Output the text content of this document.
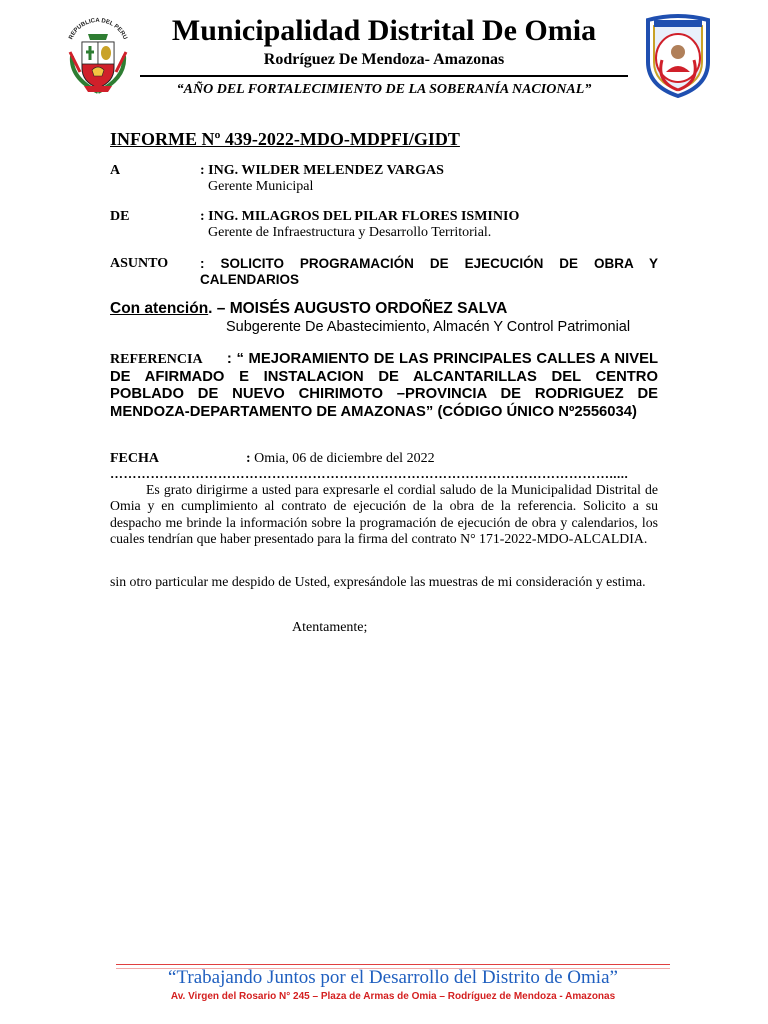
REPUBLICA DEL PERU	Municipalidad Distrital De Omia
Rodríguez De Mendoza- Amazonas
“AÑO DEL FORTALECIMIENTO DE LA SOBERANÍA NACIONAL”
INFORME Nº 439-2022-MDO-MDPFI/GIDT
A	: ING. WILDER MELENDEZ VARGAS
Gerente Municipal
DE	: ING. MILAGROS DEL PILAR FLORES ISMINIO
Gerente de Infraestructura y Desarrollo Territorial.
ASUNTO : SOLICITO PROGRAMACIÓN DE EJECUCIÓN DE OBRA Y CALENDARIOS
Con atención. – MOISÉS AUGUSTO ORDOÑEZ SALVA
Subgerente De Abastecimiento, Almacén Y Control Patrimonial
REFERENCIA : “ MEJORAMIENTO DE LAS PRINCIPALES CALLES A NIVEL DE AFIRMADO E INSTALACION DE ALCANTARILLAS DEL CENTRO POBLADO DE NUEVO CHIRIMOTO –PROVINCIA DE RODRIGUEZ DE MENDOZA-DEPARTAMENTO DE AMAZONAS” (CÓDIGO ÚNICO Nº2556034)
FECHA	: Omia, 06 de diciembre del 2022
………………………………………………………………………………………………….....
Es grato dirigirme a usted para expresarle el cordial saludo de la Municipalidad Distrital de Omia y en cumplimiento al contrato de ejecución de la obra de la referencia. Solicito a su despacho me brinde la información sobre la programación de ejecución de obra y calendarios, los cuales tendrían que haber presentado para la firma del contrato N° 171-2022-MDO-ALCALDIA.
sin otro particular me despido de Usted, expresándole las muestras de mi consideración y estima.
Atentamente;
“Trabajando Juntos por el Desarrollo del Distrito de Omia”
Av. Virgen del Rosario N° 245 – Plaza de Armas de Omia – Rodríguez de Mendoza - Amazonas
